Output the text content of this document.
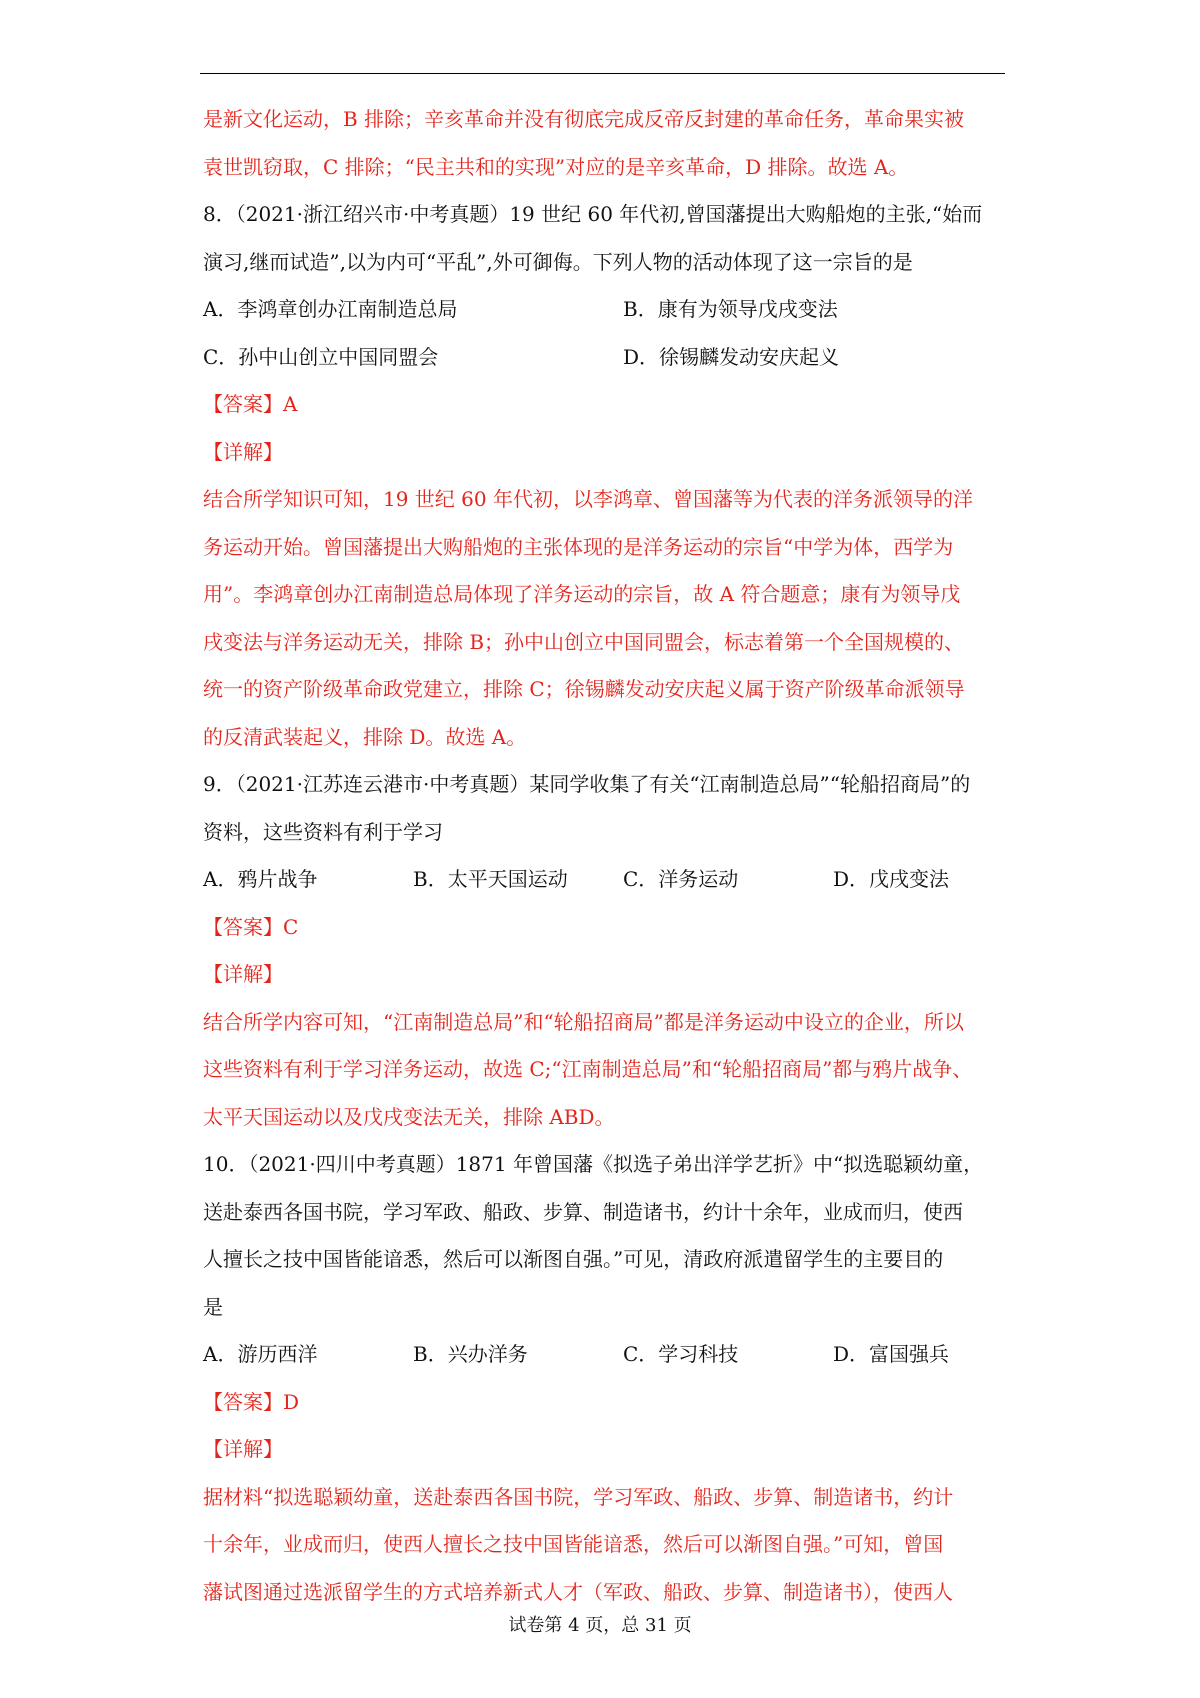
是新文化运动，B 排除；辛亥革命并没有彻底完成反帝反封建的革命任务，革命果实被

袁世凯窃取，C 排除；“民主共和的实现”对应的是辛亥革命，D 排除。故选 A。

8．（2021·浙江绍兴市·中考真题）19 世纪 60 年代初,曾国藩提出大购船炮的主张,“始而

演习,继而试造”,以为内可“平乱”,外可御侮。下列人物的活动体现了这一宗旨的是

A．李鸿章创办江南制造总局	B．康有为领导戊戌变法
C．孙中山创立中国同盟会	D．徐锡麟发动安庆起义

【答案】A

【详解】

结合所学知识可知，19 世纪 60 年代初，以李鸿章、曾国藩等为代表的洋务派领导的洋

务运动开始。曾国藩提出大购船炮的主张体现的是洋务运动的宗旨“中学为体，西学为

用”。李鸿章创办江南制造总局体现了洋务运动的宗旨，故 A 符合题意；康有为领导戊

戌变法与洋务运动无关，排除 B；孙中山创立中国同盟会，标志着第一个全国规模的、

统一的资产阶级革命政党建立，排除 C；徐锡麟发动安庆起义属于资产阶级革命派领导

的反清武装起义，排除 D。故选 A。

9．（2021·江苏连云港市·中考真题）某同学收集了有关“江南制造总局”“轮船招商局”的

资料，这些资料有利于学习

A．鸦片战争	B．太平天国运动	C．洋务运动	D．戊戌变法

【答案】C

【详解】

结合所学内容可知，“江南制造总局”和“轮船招商局”都是洋务运动中设立的企业，所以

这些资料有利于学习洋务运动，故选 C;“江南制造总局”和“轮船招商局”都与鸦片战争、

太平天国运动以及戊戌变法无关，排除 ABD。

10．（2021·四川中考真题）1871 年曾国藩《拟选子弟出洋学艺折》中“拟选聪颖幼童，

送赴泰西各国书院，学习军政、船政、步算、制造诸书，约计十余年，业成而归，使西

人擅长之技中国皆能谙悉，然后可以渐图自强。”可见，清政府派遣留学生的主要目的

是

A．游历西洋	B．兴办洋务	C．学习科技	D．富国强兵

【答案】D

【详解】

据材料“拟选聪颖幼童，送赴泰西各国书院，学习军政、船政、步算、制造诸书，约计

十余年，业成而归，使西人擅长之技中国皆能谙悉，然后可以渐图自强。”可知，曾国

藩试图通过选派留学生的方式培养新式人才（军政、船政、步算、制造诸书），使西人

试卷第 4 页，总 31 页
